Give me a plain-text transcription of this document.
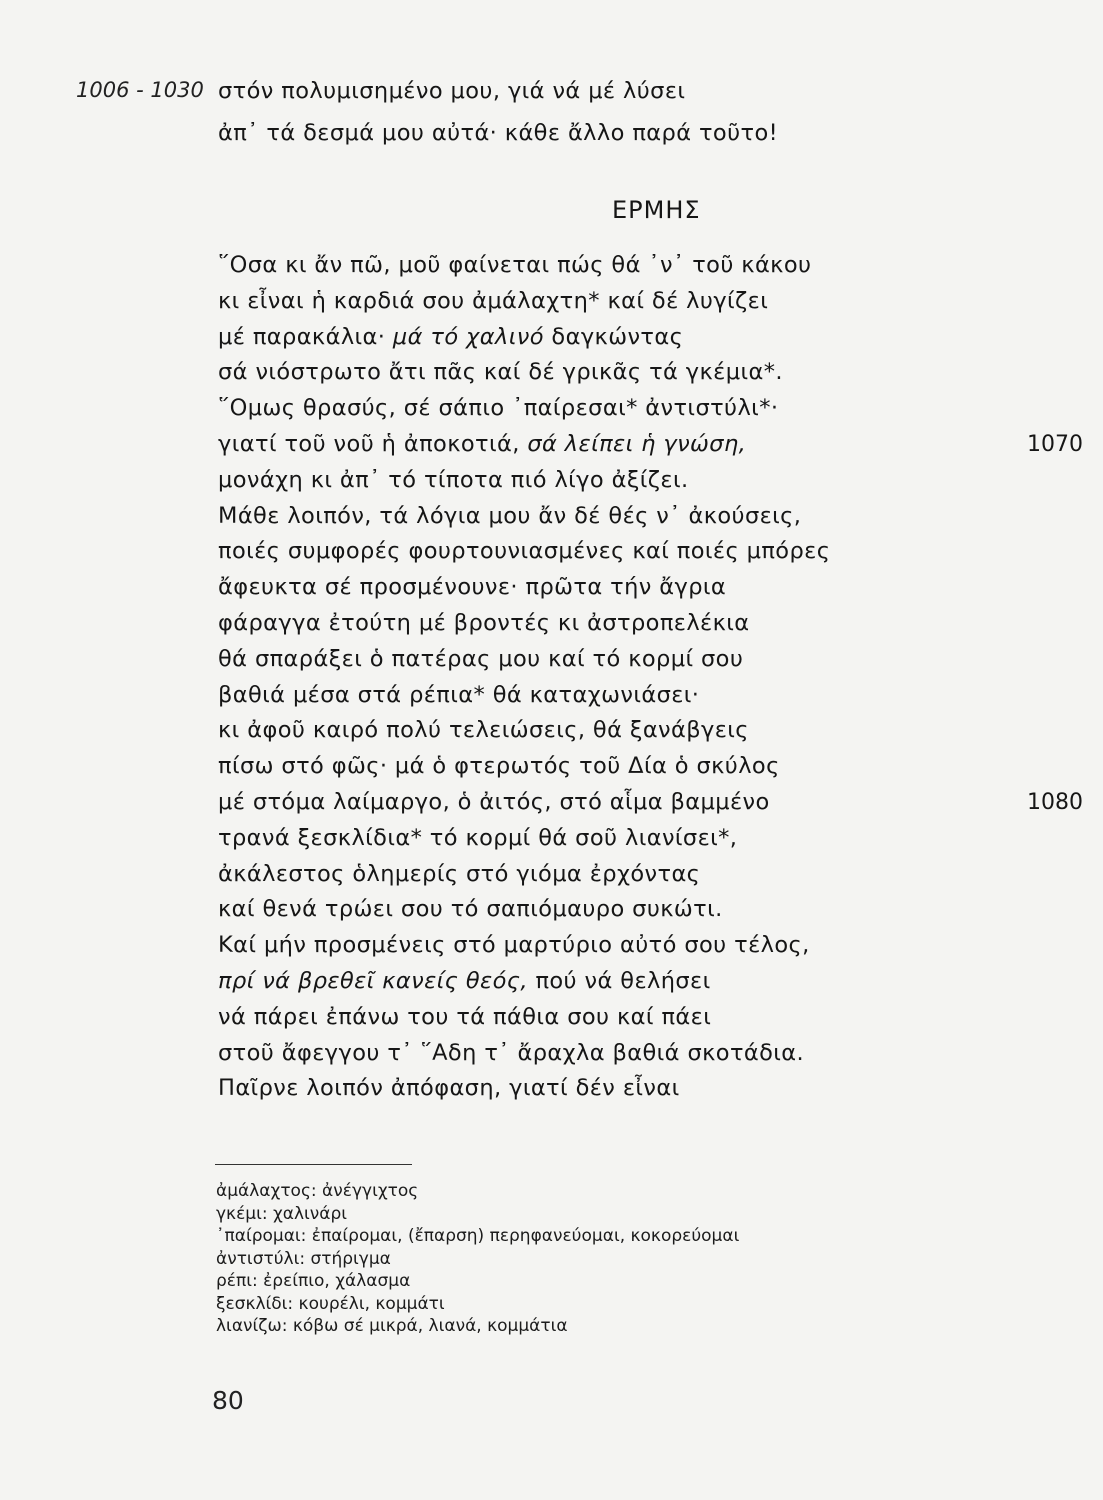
1006 - 1030 στόν πολυμισημένο μου, γιά νά μέ λύσει
ἀπ᾽ τά δεσμά μου αὐτά· κάθε ἄλλο παρά τοῦτο!
ΕΡΜΗΣ
῞Οσα κι ἄν πῶ, μοῦ φαίνεται πώς θά ᾽ν᾽ τοῦ κάκου
κι εἶναι ἡ καρδιά σου ἀμάλαχτη* καί δέ λυγίζει
μέ παρακάλια· μά τό χαλινό δαγκώντας
σά νιόστρωτο ἄτι πᾶς καί δέ γρικᾶς τά γκέμια*.
῞Ομως θρασύς, σέ σάπιο ᾽παίρεσαι* ἀντιστύλι*·
γιατί τοῦ νοῦ ἡ ἀποκοτιά, σά λείπει ἡ γνώση,
μονάχη κι ἀπ᾽ τό τίποτα πιό λίγο ἀξίζει.
Μάθε λοιπόν, τά λόγια μου ἄν δέ θές ν᾽ ἀκούσεις,
ποιές συμφορές φουρτουνιασμένες καί ποιές μπόρες
ἄφευκτα σέ προσμένουνε· πρῶτα τήν ἄγρια
φάραγγα ἐτούτη μέ βροντές κι ἀστροπελέκια
θά σπαράξει ὁ πατέρας μου καί τό κορμί σου
βαθιά μέσα στά ρέπια* θά καταχωνιάσει·
κι ἀφοῦ καιρό πολύ τελειώσεις, θά ξανάβγεις
πίσω στό φῶς· μά ὁ φτερωτός τοῦ Δία ὁ σκύλος
μέ στόμα λαίμαργο, ὁ ἀιτός, στό αἷμα βαμμένο
τρανά ξεσκλίδια* τό κορμί θά σοῦ λιανίσει*,
ἀκάλεστος ὁλημερίς στό γιόμα ἐρχόντας
καί θενά τρώει σου τό σαπιόμαυρο συκώτι.
Καί μήν προσμένεις στό μαρτύριο αὐτό σου τέλος,
πρί νά βρεθεῖ κανείς θεός, πού νά θελήσει
νά πάρει ἐπάνω του τά πάθια σου καί πάει
στοῦ ἄφεγγου τ᾽ ῞Αδη τ᾽ ἄραχλα βαθιά σκοτάδια.
Παῖρνε λοιπόν ἀπόφαση, γιατί δέν εἶναι
1070
1080
ἀμάλαχτος: ἀνέγγιχτος
γκέμι: χαλινάρι
᾽παίρομαι: ἐπαίρομαι, (ἔπαρση) περηφανεύομαι, κοκορεύομαι
ἀντιστύλι: στήριγμα
ρέπι: ἐρείπιο, χάλασμα
ξεσκλίδι: κουρέλι, κομμάτι
λιανίζω: κόβω σέ μικρά, λιανά, κομμάτια
80
